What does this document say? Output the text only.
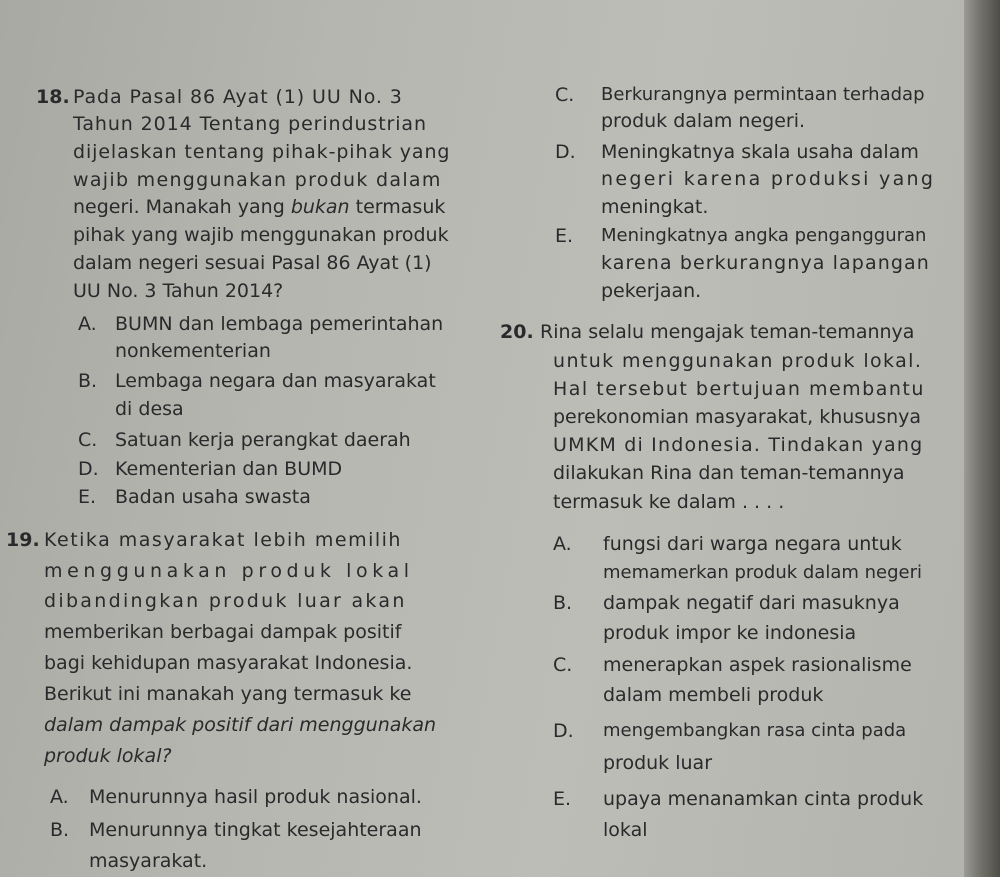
18. Pada Pasal 86 Ayat (1) UU No. 3
Tahun 2014 Tentang perindustrian
dijelaskan tentang pihak-pihak yang
wajib menggunakan produk dalam
negeri. Manakah yang bukan termasuk
pihak yang wajib menggunakan produk
dalam negeri sesuai Pasal 86 Ayat (1)
UU No. 3 Tahun 2014?
A. BUMN dan lembaga pemerintahan
nonkementerian
B. Lembaga negara dan masyarakat
di desa
C. Satuan kerja perangkat daerah
D. Kementerian dan BUMD
E. Badan usaha swasta
19. Ketika masyarakat lebih memilih
menggunakan produk lokal
dibandingkan produk luar akan
memberikan berbagai dampak positif
bagi kehidupan masyarakat Indonesia.
Berikut ini manakah yang termasuk ke
dalam dampak positif dari menggunakan
produk lokal?
A. Menurunnya hasil produk nasional.
B. Menurunnya tingkat kesejahteraan
masyarakat.
C. Berkurangnya permintaan terhadap
produk dalam negeri.
D. Meningkatnya skala usaha dalam
negeri karena produksi yang
meningkat.
E. Meningkatnya angka pengangguran
karena berkurangnya lapangan
pekerjaan.
20. Rina selalu mengajak teman-temannya
untuk menggunakan produk lokal.
Hal tersebut bertujuan membantu
perekonomian masyarakat, khususnya
UMKM di Indonesia. Tindakan yang
dilakukan Rina dan teman-temannya
termasuk ke dalam . . . .
A. fungsi dari warga negara untuk
memamerkan produk dalam negeri
B. dampak negatif dari masuknya
produk impor ke indonesia
C. menerapkan aspek rasionalisme
dalam membeli produk
D. mengembangkan rasa cinta pada
produk luar
E. upaya menanamkan cinta produk
lokal
